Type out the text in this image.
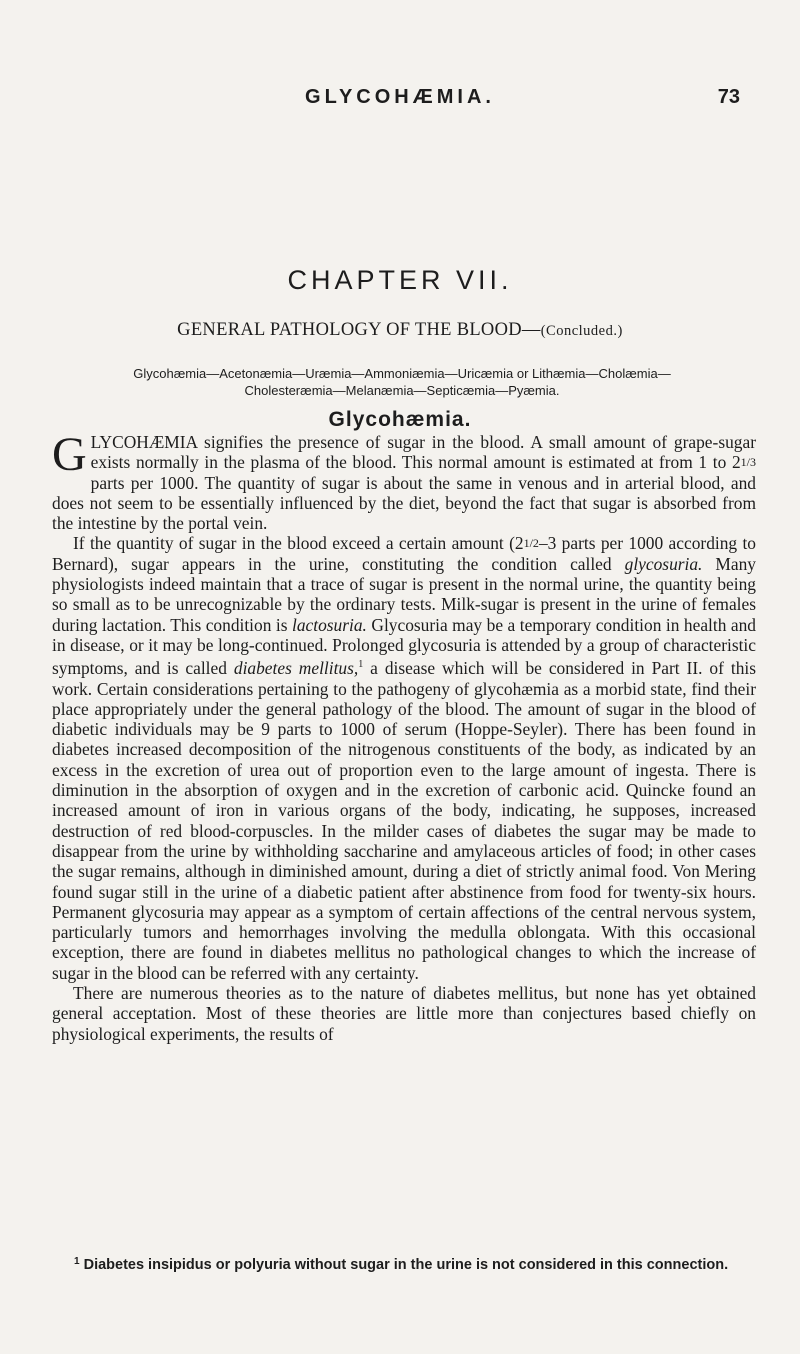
GLYCOHÆMIA.	73
CHAPTER VII.
GENERAL PATHOLOGY OF THE BLOOD—(Concluded.)
Glycohæmia—Acetonæmia—Uræmia—Ammoniæmia—Uricæmia or Lithæmia—Cholæmia—
Cholesteræmia—Melanæmia—Septicæmia—Pyæmia.
Glycohæmia.

GLYCOHÆMIA signifies the presence of sugar in the blood. A small amount of grape-sugar exists normally in the plasma of the blood. This normal amount is estimated at from 1 to 21/3 parts per 1000. The quantity of sugar is about the same in venous and in arterial blood, and does not seem to be essentially influenced by the diet, beyond the fact that sugar is absorbed from the intestine by the portal vein.

If the quantity of sugar in the blood exceed a certain amount (21/2–3 parts per 1000 according to Bernard), sugar appears in the urine, constituting the condition called glycosuria. Many physiologists indeed maintain that a trace of sugar is present in the normal urine, the quantity being so small as to be unrecognizable by the ordinary tests. Milk-sugar is present in the urine of females during lactation. This condition is lactosuria. Glycosuria may be a temporary condition in health and in disease, or it may be long-continued. Prolonged glycosuria is attended by a group of characteristic symptoms, and is called diabetes mellitus,$^1$ a disease which will be considered in Part II. of this work. Certain considerations pertaining to the pathogeny of glycohæmia as a morbid state, find their place appropriately under the general pathology of the blood. The amount of sugar in the blood of diabetic individuals may be 9 parts to 1000 of serum (Hoppe-Seyler). There has been found in diabetes increased decomposition of the nitrogenous constituents of the body, as indicated by an excess in the excretion of urea out of proportion even to the large amount of ingesta. There is diminution in the absorption of oxygen and in the excretion of carbonic acid. Quincke found an increased amount of iron in various organs of the body, indicating, he supposes, increased destruction of red blood-corpuscles. In the milder cases of diabetes the sugar may be made to disappear from the urine by withholding saccharine and amylaceous articles of food; in other cases the sugar remains, although in diminished amount, during a diet of strictly animal food. Von Mering found sugar still in the urine of a diabetic patient after abstinence from food for twenty-six hours. Permanent glycosuria may appear as a symptom of certain affections of the central nervous system, particularly tumors and hemorrhages involving the medulla oblongata. With this occasional exception, there are found in diabetes mellitus no pathological changes to which the increase of sugar in the blood can be referred with any certainty.

There are numerous theories as to the nature of diabetes mellitus, but none has yet obtained general acceptation. Most of these theories are little more than conjectures based chiefly on physiological experiments, the results of

$^1$ Diabetes insipidus or polyuria without sugar in the urine is not considered in this connection.
